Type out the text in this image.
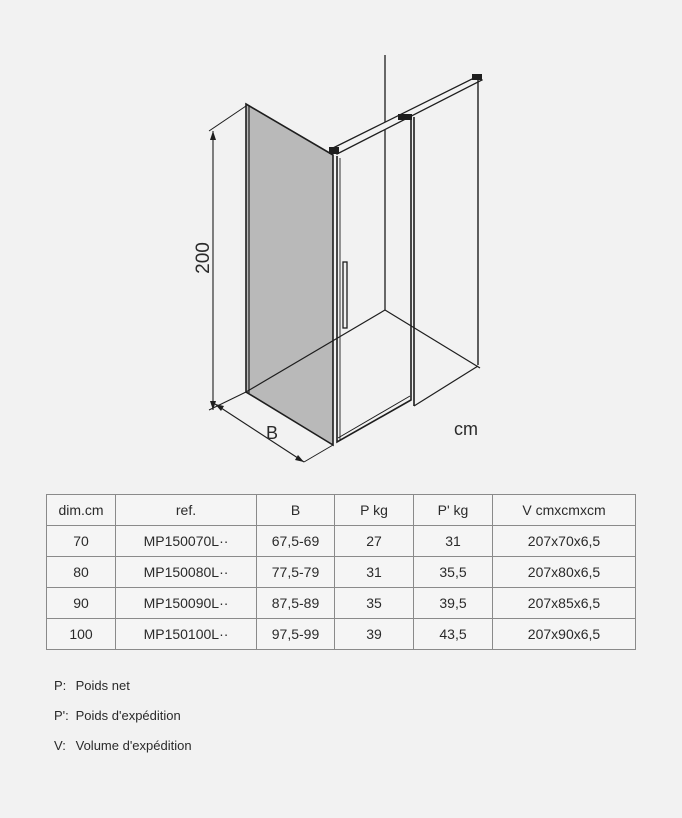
200
B	cm
dim.cm	ref.	B	P kg	P' kg	V cmxcmxcm
70	MP150070L··	67,5-69	27	31	207x70x6,5
80	MP150080L··	77,5-79	31	35,5	207x80x6,5
90	MP150090L··	87,5-89	35	39,5	207x85x6,5
100	MP150100L··	97,5-99	39	43,5	207x90x6,5
P: Poids net
P': Poids d'expédition
V: Volume d'expédition
